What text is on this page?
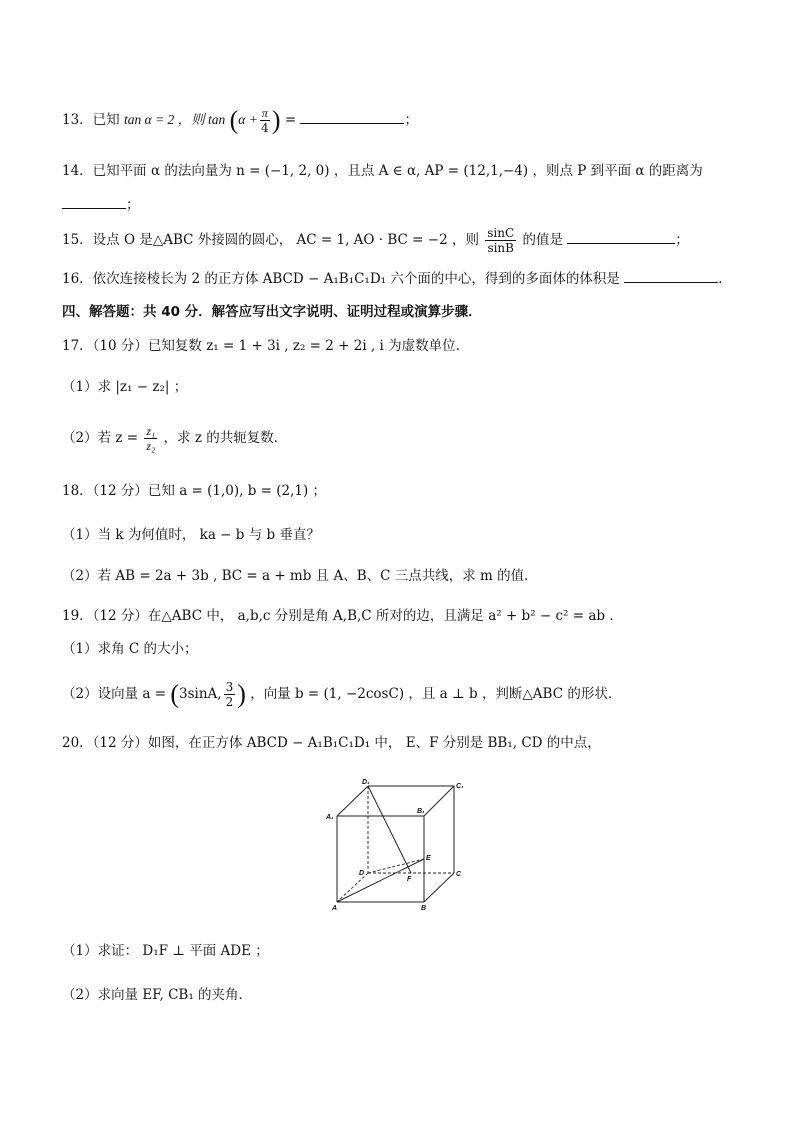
13．已知 tan α = 2 ，则 $\tan (\alpha + \frac{\pi}{4}$ ) =	；
14．已知平面 α 的法向量为 n = (−1, 2, 0) ，且点 A ∈ α, AP = (12,1,−4) ，则点 P 到平面 α 的距离为
；
15．设点 O 是△ABC 外接圆的圆心， AC = 1, AO · BC = −2 ，则 $\frac{\sin C}{\sin B}$ 的值是	；
16．依次连接棱长为 2 的正方体 ABCD − A₁B₁C₁D₁ 六个面的中心，得到的多面体的体积是	.
四、解答题：共 40 分．解答应写出文字说明、证明过程或演算步骤．
17．（10 分）已知复数 z₁ = 1 + 3i , z₂ = 2 + 2i , i 为虚数单位．
（1）求 |z₁ − z₂| ；
（2）若 $z = \frac{\text{z₁}}{\text{z₂}}$ ，求 z 的共轭复数．
18．（12 分）已知 a = (1,0), b = (2,1) ；
（1）当 k 为何值时， ka − b 与 b 垂直？
（2）若 AB = 2a + 3b , BC = a + mb 且 A、B、C 三点共线，求 m 的值．
19．（12 分）在△ABC 中， a,b,c 分别是角 A,B,C 所对的边，且满足 a² + b² − c² = ab ．
（1）求角 C 的大小；
（2）设向量 a = (3sinA, $\frac{3}{2}$ ) ，向量 b = (1, −2cosC) ，且 a ⊥ b ，判断△ABC 的形状．
20．（12 分）如图，在正方体 ABCD − A₁B₁C₁D₁ 中， E、F 分别是 BB₁, CD 的中点，
D₁
C₁
A₁
B₁
D	C
A	B
E
F
（1）求证： D₁F ⊥ 平面 ADE ；
（2）求向量 EF, CB₁ 的夹角．
